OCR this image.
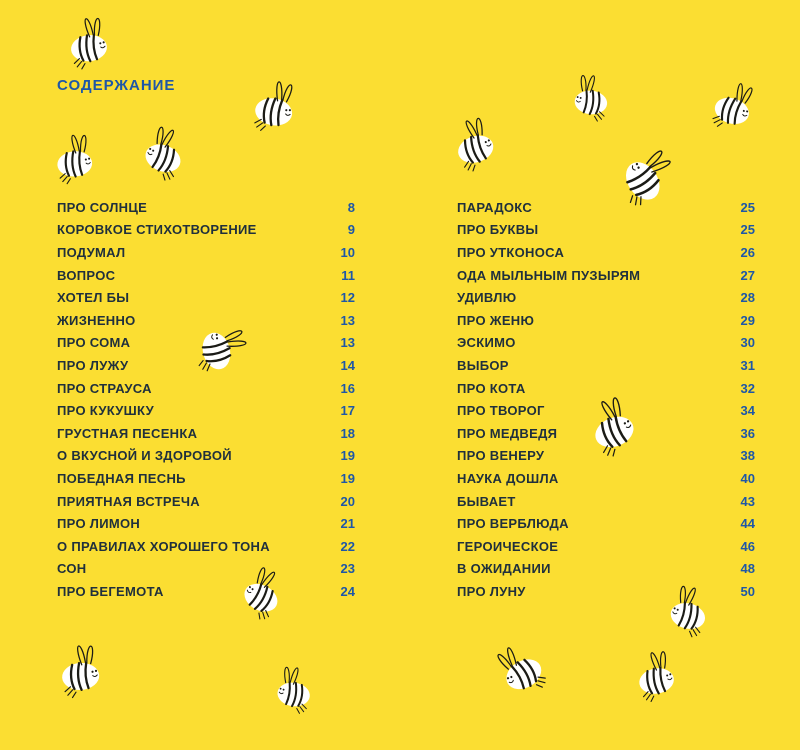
СОДЕРЖАНИЕ
ПРО СОЛНЦЕ	8
КОРОВКОЕ СТИХОТВОРЕНИЕ	9
ПОДУМАЛ	10
ВОПРОС	11
ХОТЕЛ БЫ	12
ЖИЗНЕННО	13
ПРО СОМА	13
ПРО ЛУЖУ	14
ПРО СТРАУСА	16
ПРО КУКУШКУ	17
ГРУСТНАЯ ПЕСЕНКА	18
О ВКУСНОЙ И ЗДОРОВОЙ	19
ПОБЕДНАЯ ПЕСНЬ	19
ПРИЯТНАЯ ВСТРЕЧА	20
ПРО ЛИМОН	21
О ПРАВИЛАХ ХОРОШЕГО ТОНА	22
СОН	23
ПРО БЕГЕМОТА	24
ПАРАДОКС	25
ПРО БУКВЫ	25
ПРО УТКОНОСА	26
ОДА МЫЛЬНЫМ ПУЗЫРЯМ	27
УДИВЛЮ	28
ПРО ЖЕНЮ	29
ЭСКИМО	30
ВЫБОР	31
ПРО КОТА	32
ПРО ТВОРОГ	34
ПРО МЕДВЕДЯ	36
ПРО ВЕНЕРУ	38
НАУКА ДОШЛА	40
БЫВАЕТ	43
ПРО ВЕРБЛЮДА	44
ГЕРОИЧЕСКОЕ	46
В ОЖИДАНИИ	48
ПРО ЛУНУ	50
